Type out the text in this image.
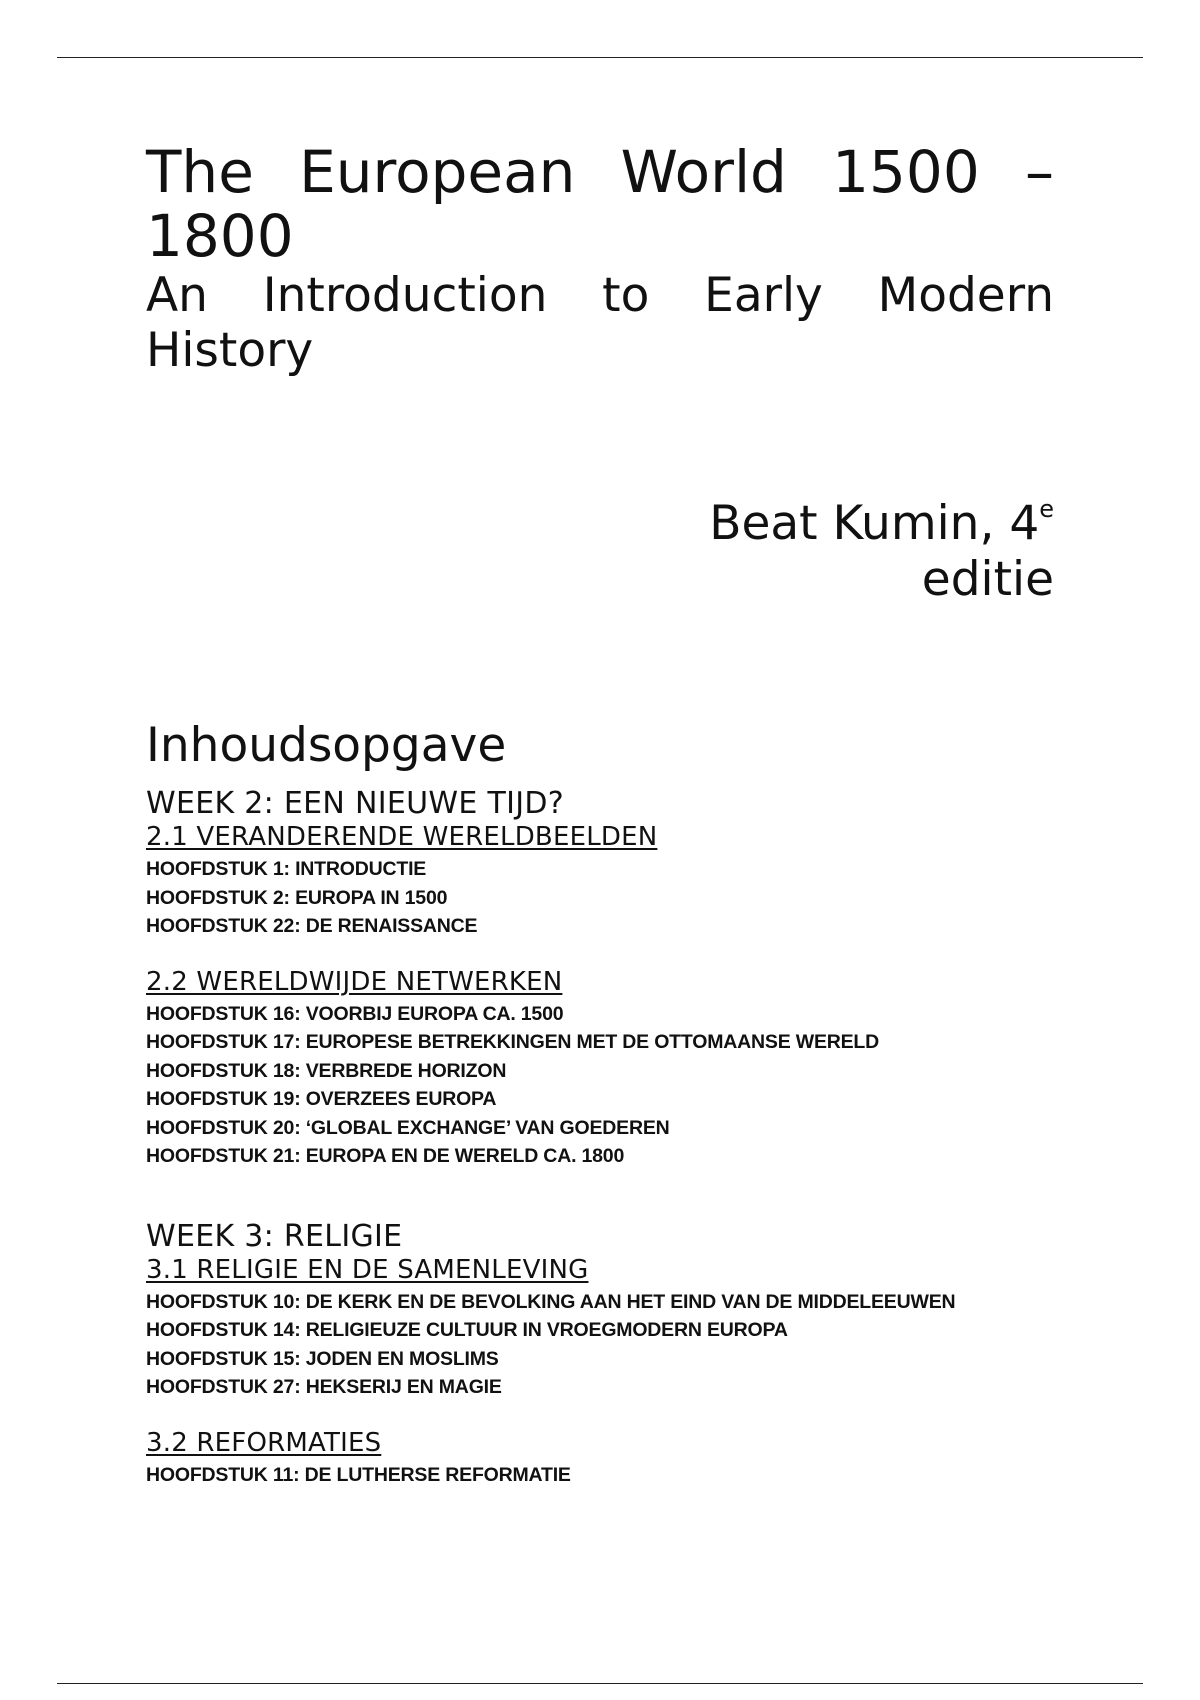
The European World 1500 – 1800
An Introduction to Early Modern History
Beat Kumin, 4e
editie
Inhoudsopgave
WEEK 2: EEN NIEUWE TIJD?
2.1 VERANDERENDE WERELDBEELDEN
HOOFDSTUK 1: INTRODUCTIE
HOOFDSTUK 2: EUROPA IN 1500
HOOFDSTUK 22: DE RENAISSANCE
2.2 WERELDWIJDE NETWERKEN
HOOFDSTUK 16: VOORBIJ EUROPA CA. 1500
HOOFDSTUK 17: EUROPESE BETREKKINGEN MET DE OTTOMAANSE WERELD
HOOFDSTUK 18: VERBREDE HORIZON
HOOFDSTUK 19: OVERZEES EUROPA
HOOFDSTUK 20: ‘GLOBAL EXCHANGE’ VAN GOEDEREN
HOOFDSTUK 21: EUROPA EN DE WERELD CA. 1800
WEEK 3: RELIGIE
3.1 RELIGIE EN DE SAMENLEVING
HOOFDSTUK 10: DE KERK EN DE BEVOLKING AAN HET EIND VAN DE MIDDELEEUWEN
HOOFDSTUK 14: RELIGIEUZE CULTUUR IN VROEGMODERN EUROPA
HOOFDSTUK 15: JODEN EN MOSLIMS
HOOFDSTUK 27: HEKSERIJ EN MAGIE
3.2 REFORMATIES
HOOFDSTUK 11: DE LUTHERSE REFORMATIE
